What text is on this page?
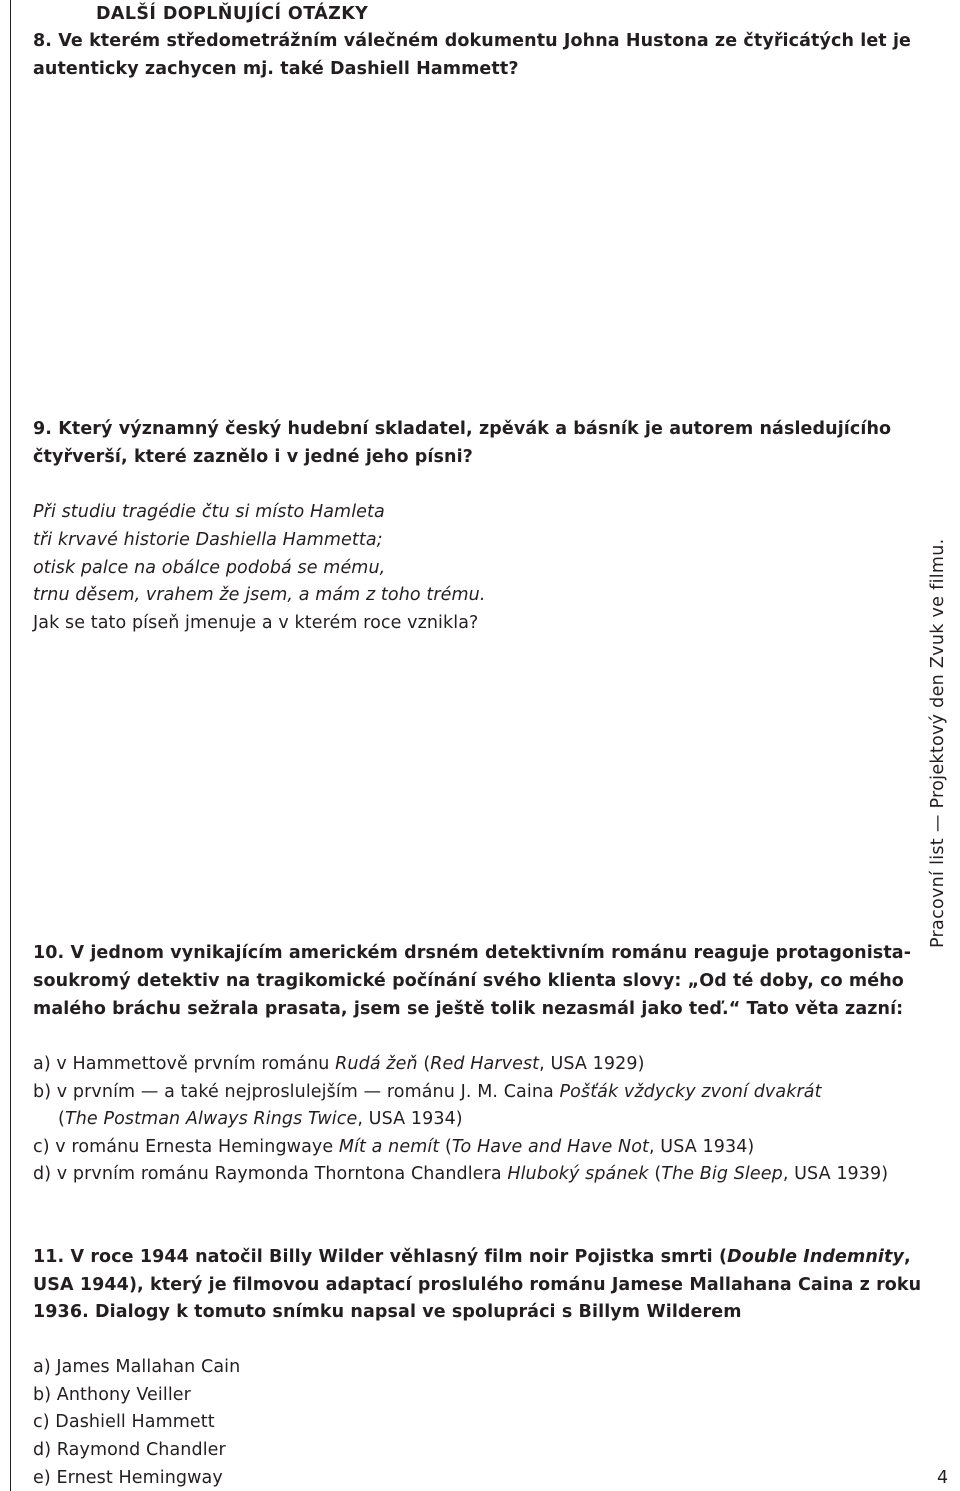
DALŠÍ DOPLŇUJÍCÍ OTÁZKY
8. Ve kterém středometrážním válečném dokumentu Johna Hustona ze čtyřicátých let je
autenticky zachycen mj. také Dashiell Hammett?
9. Který významný český hudební skladatel, zpěvák a básník je autorem následujícího
čtyřverší, které zaznělo i v jedné jeho písni?
Při studiu tragédie čtu si místo Hamleta
tři krvavé historie Dashiella Hammetta;
otisk palce na obálce podobá se mému,
trnu děsem, vrahem že jsem, a mám z toho trému.
Jak se tato píseň jmenuje a v kterém roce vznikla?
10. V jednom vynikajícím americkém drsném detektivním románu reaguje protagonista-
soukromý detektiv na tragikomické počínání svého klienta slovy: „Od té doby, co mého
malého bráchu sežrala prasata, jsem se ještě tolik nezasmál jako teď.“ Tato věta zazní:
a) v Hammettově prvním románu Rudá žeň (Red Harvest, USA 1929)
b) v prvním — a také nejproslulejším — románu J. M. Caina Pošťák vždycky zvoní dvakrát
(The Postman Always Rings Twice, USA 1934)
c) v románu Ernesta Hemingwaye Mít a nemít (To Have and Have Not, USA 1934)
d) v prvním románu Raymonda Thorntona Chandlera Hluboký spánek (The Big Sleep, USA 1939)
11. V roce 1944 natočil Billy Wilder věhlasný film noir Pojistka smrti (Double Indemnity,
USA 1944), který je filmovou adaptací proslulého románu Jamese Mallahana Caina z roku
1936. Dialogy k tomuto snímku napsal ve spolupráci s Billym Wilderem
a) James Mallahan Cain
b) Anthony Veiller
c) Dashiell Hammett
d) Raymond Chandler
e) Ernest Hemingway
Pracovní list — Projektový den Zvuk ve filmu.
4
